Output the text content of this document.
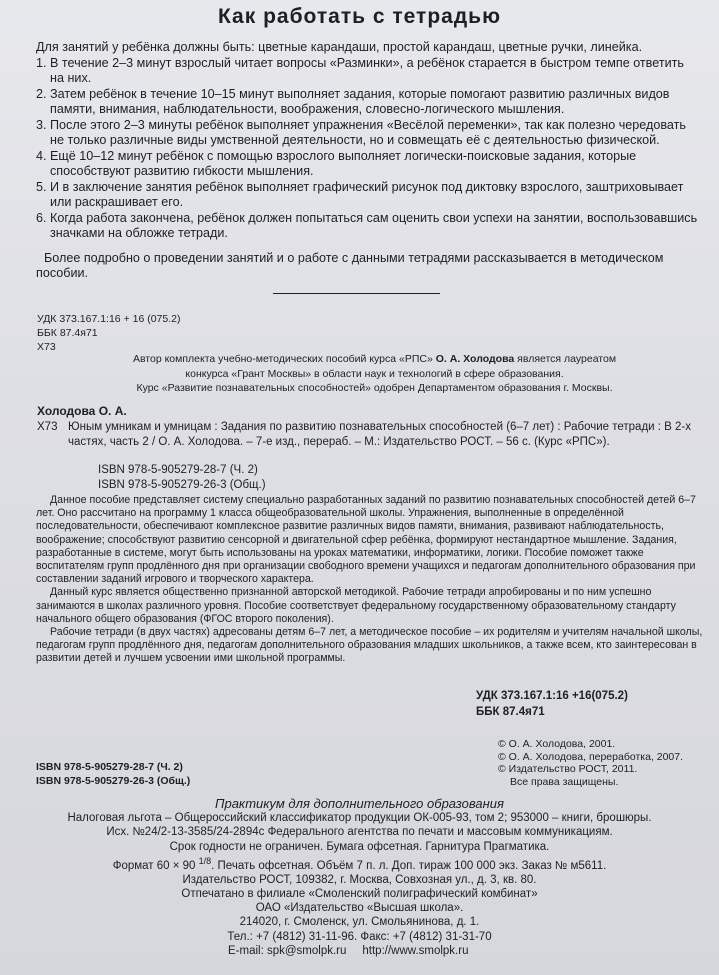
Как работать с тетрадью
Для занятий у ребёнка должны быть: цветные карандаши, простой карандаш, цветные ручки, линейка.
1. В течение 2–3 минут взрослый читает вопросы «Разминки», а ребёнок старается в быстром темпе ответить на них.
2. Затем ребёнок в течение 10–15 минут выполняет задания, которые помогают развитию различных видов памяти, внимания, наблюдательности, воображения, словесно-логического мышления.
3. После этого 2–3 минуты ребёнок выполняет упражнения «Весёлой переменки», так как полезно чередовать не только различные виды умственной деятельности, но и совмещать её с деятельностью физической.
4. Ещё 10–12 минут ребёнок с помощью взрослого выполняет логически-поисковые задания, которые способствуют развитию гибкости мышления.
5. И в заключение занятия ребёнок выполняет графический рисунок под диктовку взрослого, заштриховывает или раскрашивает его.
6. Когда работа закончена, ребёнок должен попытаться сам оценить свои успехи на занятии, воспользовавшись значками на обложке тетради.
Более подробно о проведении занятий и о работе с данными тетрадями рассказывается в методическом пособии.
УДК 373.167.1:16 + 16 (075.2)
ББК 87.4я71
Х73
Автор комплекта учебно-методических пособий курса «РПС» О. А. Холодова является лауреатом
конкурса «Грант Москвы» в области наук и технологий в сфере образования.
Курс «Развитие познавательных способностей» одобрен Департаментом образования г. Москвы.
Холодова О. А.
Х73 Юным умникам и умницам : Задания по развитию познавательных способностей (6–7 лет) : Рабочие тетради : В 2-х частях, часть 2 / О. А. Холодова. – 7-е изд., перераб. – М.: Издательство РОСТ. – 56 с. (Курс «РПС»).
ISBN 978-5-905279-28-7 (Ч. 2)
ISBN 978-5-905279-26-3 (Общ.)

Данное пособие представляет систему специально разработанных заданий по развитию познавательных способностей детей 6–7 лет. Оно рассчитано на программу 1 класса общеобразовательной школы. Упражнения, выполненные в определённой последовательности, обеспечивают комплексное развитие различных видов памяти, внимания, развивают наблюдательность, воображение; способствуют развитию сенсорной и двигательной сфер ребёнка, формируют нестандартное мышление. Задания, разработанные в системе, могут быть использованы на уроках математики, информатики, логики. Пособие поможет также воспитателям групп продлённого дня при организации свободного времени учащихся и педагогам дополнительного образования при составлении заданий игрового и творческого характера.

Данный курс является общественно признанной авторской методикой. Рабочие тетради апробированы и по ним успешно занимаются в школах различного уровня. Пособие соответствует федеральному государственному образовательному стандарту начального общего образования (ФГОС второго поколения).

Рабочие тетради (в двух частях) адресованы детям 6–7 лет, а методическое пособие – их родителям и учителям начальной школы, педагогам групп продлённого дня, педагогам дополнительного образования младших школьников, а также всем, кто заинтересован в развитии детей и лучшем усвоении ими школьной программы.

УДК 373.167.1:16 +16(075.2)
ББК 87.4я71
© О. А. Холодова, 2001.
© О. А. Холодова, переработка, 2007.
© Издательство РОСТ, 2011.
Все права защищены.
ISBN 978-5-905279-28-7 (Ч. 2)
ISBN 978-5-905279-26-3 (Общ.)
Практикум для дополнительного образования
Налоговая льгота – Общероссийский классификатор продукции ОК-005-93, том 2; 953000 – книги, брошюры.
Исх. №24/2-13-3585/24-2894с Федерального агентства по печати и массовым коммуникациям.
Срок годности не ограничен. Бумага офсетная. Гарнитура Прагматика.
Формат 60 × 90 $^{1/8}$. Печать офсетная. Объём 7 п. л. Доп. тираж 100 000 экз. Заказ № м5611.
Издательство РОСТ, 109382, г. Москва, Совхозная ул., д. 3, кв. 80.
Отпечатано в филиале «Смоленский полиграфический комбинат»
ОАО «Издательство «Высшая школа».
214020, г. Смоленск, ул. Смольянинова, д. 1.
Тел.: +7 (4812) 31-11-96. Факс: +7 (4812) 31-31-70
E-mail: spk@smolpk.ru http://www.smolpk.ru
